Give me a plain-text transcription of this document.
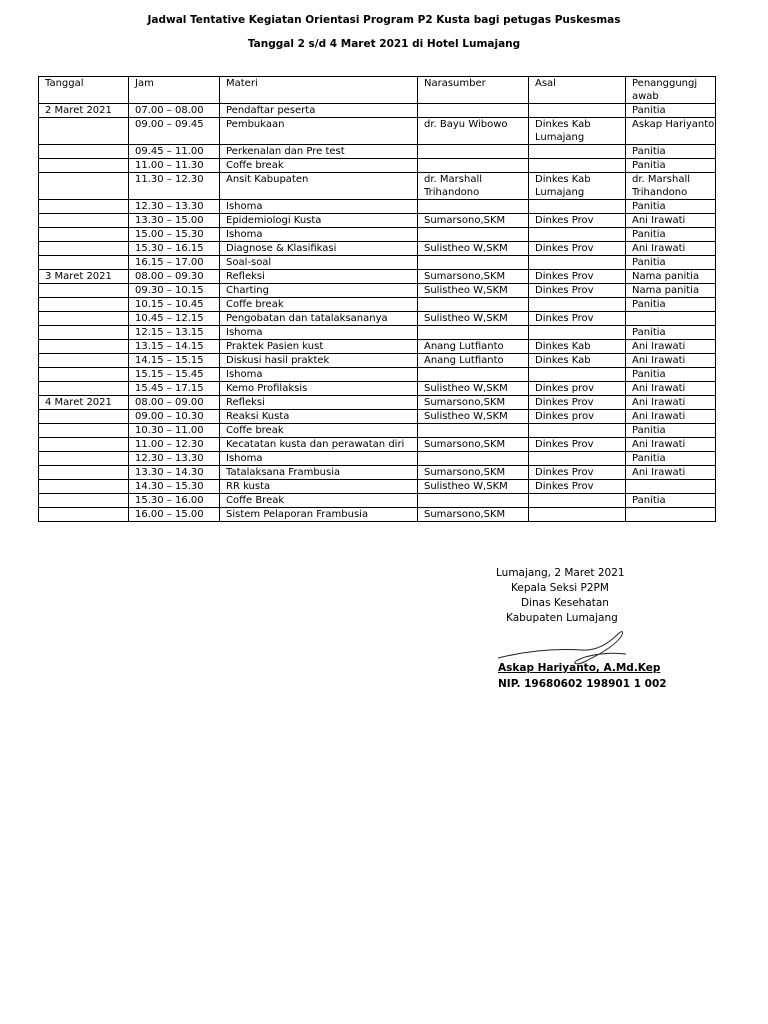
Jadwal Tentative Kegiatan Orientasi Program P2 Kusta bagi petugas Puskesmas
Tanggal 2 s/d 4 Maret 2021 di Hotel Lumajang
Tanggal	Jam	Materi	Narasumber	Asal	Penanggungj awab
2 Maret 2021	07.00 – 08.00	Pendaftar peserta			Panitia
	09.00 – 09.45	Pembukaan	dr. Bayu Wibowo	Dinkes Kab Lumajang	Askap Hariyanto
	09.45 – 11.00	Perkenalan dan Pre test			Panitia
	11.00 – 11.30	Coffe break			Panitia
	11.30 – 12.30	Ansit Kabupaten	dr. Marshall Trihandono	Dinkes Kab Lumajang	dr. Marshall Trihandono
	12.30 – 13.30	Ishoma			Panitia
	13.30 – 15.00	Epidemiologi Kusta	Sumarsono,SKM	Dinkes Prov	Ani Irawati
	15.00 – 15.30	Ishoma			Panitia
	15.30 – 16.15	Diagnose & Klasifikasi	Sulistheo W,SKM	Dinkes Prov	Ani Irawati
	16.15 – 17.00	Soal-soal			Panitia
3 Maret 2021	08.00 – 09.30	Refleksi	Sumarsono,SKM	Dinkes Prov	Nama panitia
	09.30 – 10.15	Charting	Sulistheo W,SKM	Dinkes Prov	Nama panitia
	10.15 – 10.45	Coffe break			Panitia
	10.45 – 12.15	Pengobatan dan tatalaksananya	Sulistheo W,SKM	Dinkes Prov	
	12.15 – 13.15	Ishoma			Panitia
	13.15 – 14.15	Praktek Pasien kust	Anang Lutfianto	Dinkes Kab	Ani Irawati
	14.15 – 15.15	Diskusi hasil praktek	Anang Lutfianto	Dinkes Kab	Ani Irawati
	15.15 – 15.45	Ishoma			Panitia
	15.45 – 17.15	Kemo Profilaksis	Sulistheo W,SKM	Dinkes prov	Ani Irawati
4 Maret 2021	08.00 – 09.00	Refleksi	Sumarsono,SKM	Dinkes Prov	Ani Irawati
	09.00 – 10.30	Reaksi Kusta	Sulistheo W,SKM	Dinkes prov	Ani Irawati
	10.30 – 11.00	Coffe break			Panitia
	11.00 – 12.30	Kecatatan kusta dan perawatan diri	Sumarsono,SKM	Dinkes Prov	Ani Irawati
	12.30 – 13.30	Ishoma			Panitia
	13.30 – 14.30	Tatalaksana Frambusia	Sumarsono,SKM	Dinkes Prov	Ani Irawati
	14.30 – 15.30	RR kusta	Sulistheo W,SKM	Dinkes Prov	
	15.30 – 16.00	Coffe Break			Panitia
	16.00 – 15.00	Sistem Pelaporan Frambusia	Sumarsono,SKM		
Lumajang, 2 Maret 2021
Kepala Seksi P2PM
Dinas Kesehatan
Kabupaten Lumajang
Askap Hariyanto, A.Md.Kep
NIP. 19680602 198901 1 002
